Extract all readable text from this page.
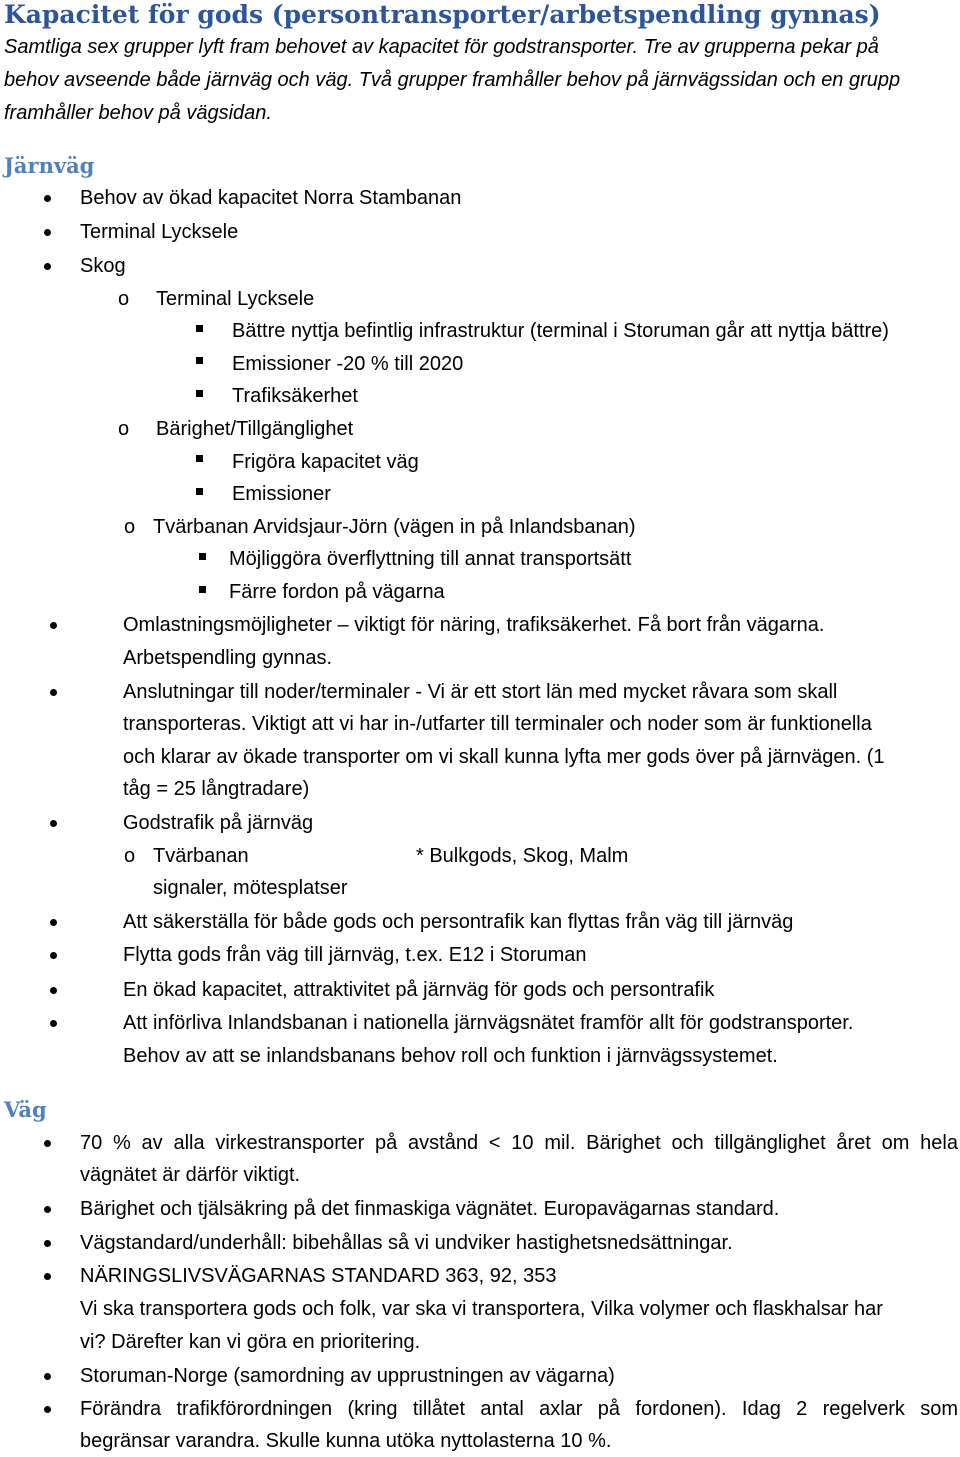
Kapacitet för gods (persontransporter/arbetspendling gynnas)
Samtliga sex grupper lyft fram behovet av kapacitet för godstransporter. Tre av grupperna pekar på
behov avseende både järnväg och väg. Två grupper framhåller behov på järnvägssidan och en grupp
framhåller behov på vägsidan.
Järnväg
Behov av ökad kapacitet Norra Stambanan
Terminal Lycksele
Skog
o Terminal Lycksele
Bättre nyttja befintlig infrastruktur (terminal i Storuman går att nyttja bättre)
Emissioner -20 % till 2020
Trafiksäkerhet
o Bärighet/Tillgänglighet
Frigöra kapacitet väg
Emissioner
o Tvärbanan Arvidsjaur-Jörn (vägen in på Inlandsbanan)
Möjliggöra överflyttning till annat transportsätt
Färre fordon på vägarna
Omlastningsmöjligheter – viktigt för näring, trafiksäkerhet. Få bort från vägarna.
Arbetspendling gynnas.
Anslutningar till noder/terminaler - Vi är ett stort län med mycket råvara som skall
transporteras. Viktigt att vi har in-/utfarter till terminaler och noder som är funktionella
och klarar av ökade transporter om vi skall kunna lyfta mer gods över på järnvägen. (1
tåg = 25 långtradare)
Godstrafik på järnväg
o Tvärbanan	* Bulkgods, Skog, Malm
signaler, mötesplatser
Att säkerställa för både gods och persontrafik kan flyttas från väg till järnväg
Flytta gods från väg till järnväg, t.ex. E12 i Storuman
En ökad kapacitet, attraktivitet på järnväg för gods och persontrafik
Att införliva Inlandsbanan i nationella järnvägsnätet framför allt för godstransporter.
Behov av att se inlandsbanans behov roll och funktion i järnvägssystemet.
Väg
70 % av alla virkestransporter på avstånd < 10 mil. Bärighet och tillgänglighet året om hela
vägnätet är därför viktigt.
Bärighet och tjälsäkring på det finmaskiga vägnätet. Europavägarnas standard.
Vägstandard/underhåll: bibehållas så vi undviker hastighetsnedsättningar.
NÄRINGSLIVSVÄGARNAS STANDARD 363, 92, 353
Vi ska transportera gods och folk, var ska vi transportera, Vilka volymer och flaskhalsar har
vi? Därefter kan vi göra en prioritering.
Storuman-Norge (samordning av upprustningen av vägarna)
Förändra trafikförordningen (kring tillåtet antal axlar på fordonen). Idag 2 regelverk som
begränsar varandra. Skulle kunna utöka nyttolasterna 10 %.
